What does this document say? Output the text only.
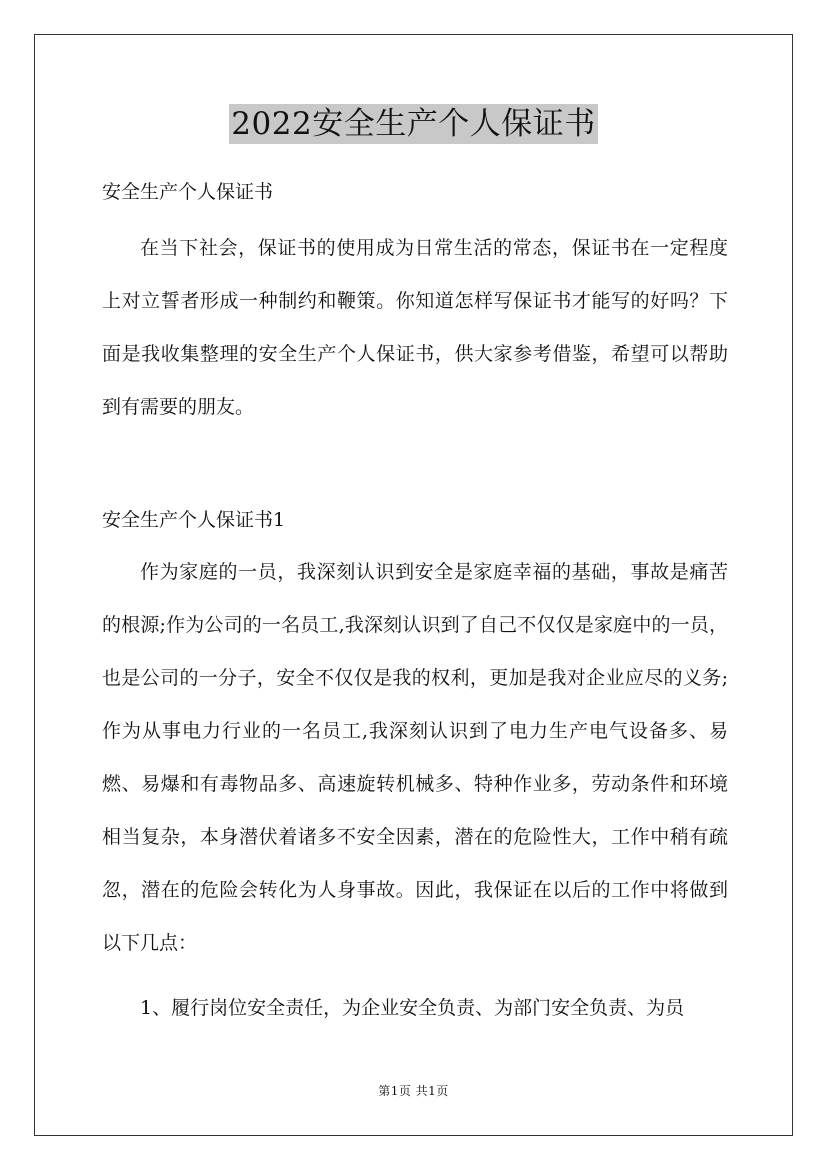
2022安全生产个人保证书
安全生产个人保证书
在当下社会，保证书的使用成为日常生活的常态，保证书在一定程度上对立誓者形成一种制约和鞭策。你知道怎样写保证书才能写的好吗？下面是我收集整理的安全生产个人保证书，供大家参考借鉴，希望可以帮助到有需要的朋友。
安全生产个人保证书1
作为家庭的一员，我深刻认识到安全是家庭幸福的基础，事故是痛苦的根源;作为公司的一名员工,我深刻认识到了自己不仅仅是家庭中的一员，也是公司的一分子，安全不仅仅是我的权利，更加是我对企业应尽的义务;作为从事电力行业的一名员工,我深刻认识到了电力生产电气设备多、易燃、易爆和有毒物品多、高速旋转机械多、特种作业多，劳动条件和环境相当复杂，本身潜伏着诸多不安全因素，潜在的危险性大，工作中稍有疏忽，潜在的危险会转化为人身事故。因此，我保证在以后的工作中将做到以下几点：
1、履行岗位安全责任，为企业安全负责、为部门安全负责、为员
第1页 共1页
